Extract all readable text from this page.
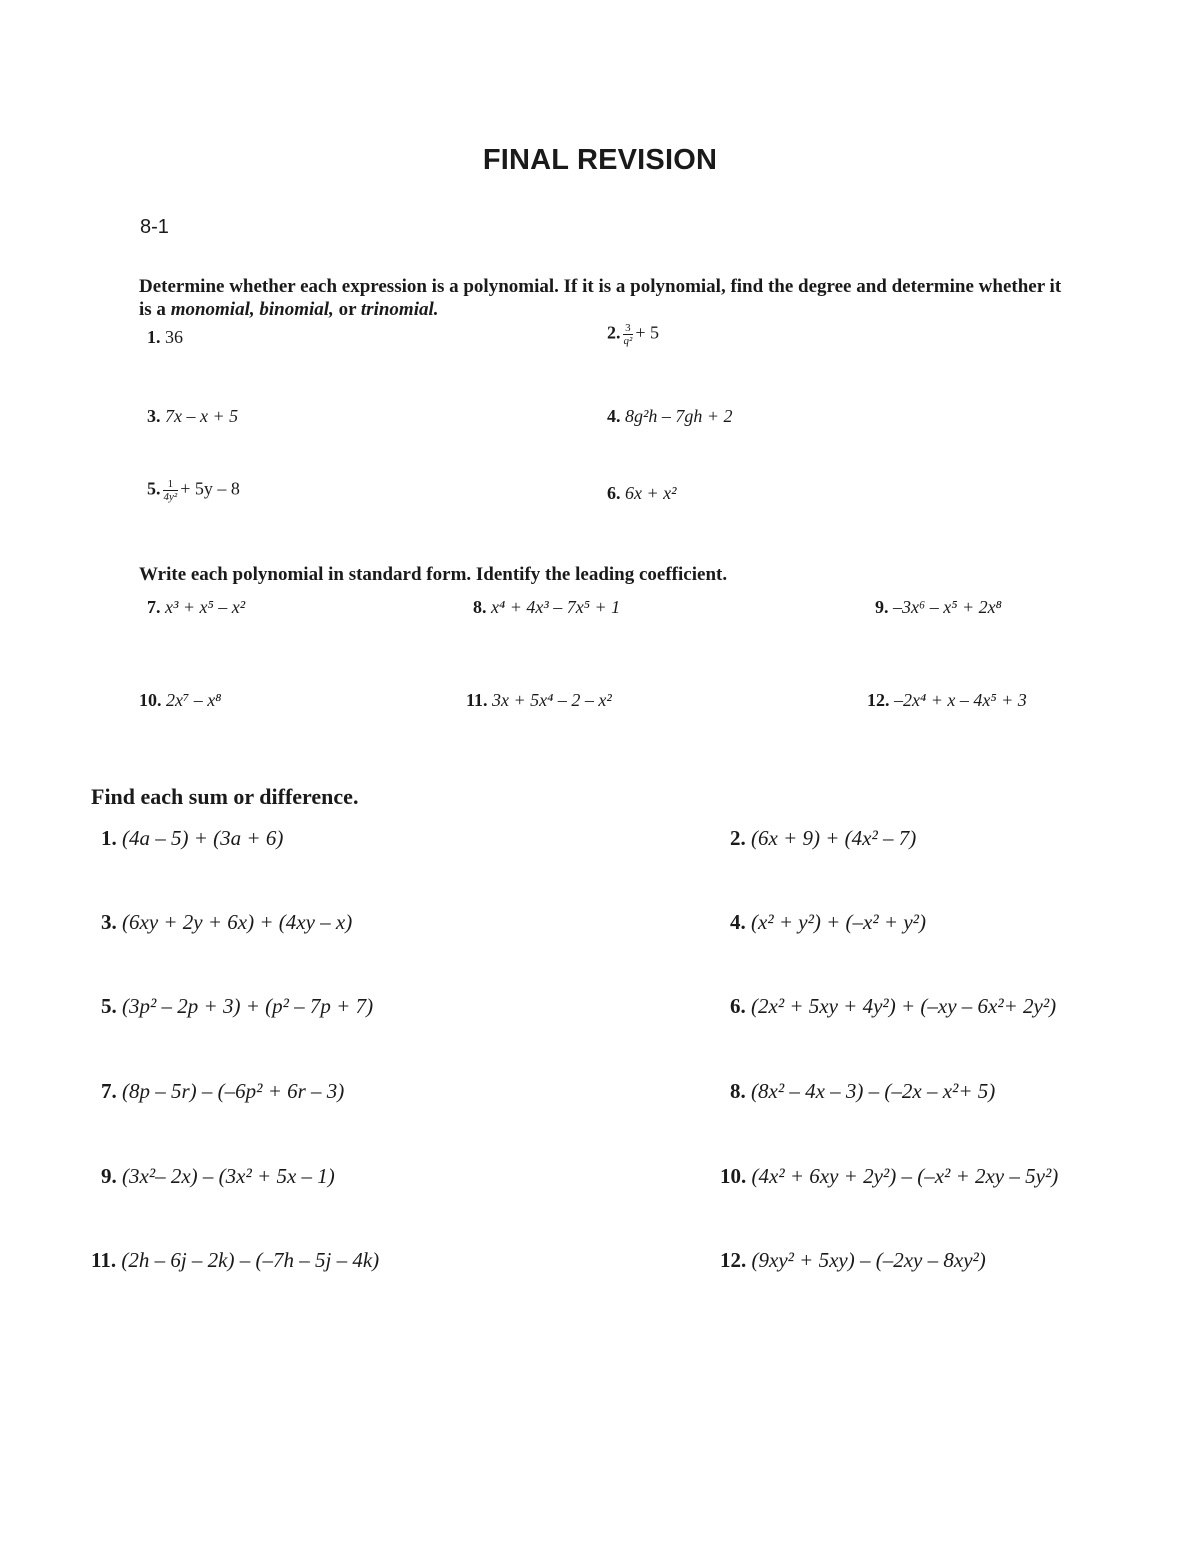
FINAL REVISION
8-1
Determine whether each expression is a polynomial. If it is a polynomial, find the degree and determine whether it
is a monomial, binomial, or trinomial.
1. 36	2. $\frac{3}{\text{q²}} + 5$
3. 7x – x + 5	4. 8g²h – 7gh + 2
5. $\frac{1}{\text{4y²}} + 5y - 8$	6. 6x + x²
Write each polynomial in standard form. Identify the leading coefficient.
7. x³ + x⁵ – x²	8. x⁴ + 4x³ – 7x⁵ + 1	9. –3x⁶ – x⁵ + 2x⁸
10. 2x⁷ – x⁸	11. 3x + 5x⁴ – 2 – x²	12. –2x⁴ + x – 4x⁵ + 3
Find each sum or difference.
1. (4a – 5) + (3a + 6)	2. (6x + 9) + (4x² – 7)
3. (6xy + 2y + 6x) + (4xy – x)	4. (x² + y²) + (–x² + y²)
5. (3p² – 2p + 3) + (p² – 7p + 7)	6. (2x² + 5xy + 4y²) + (–xy – 6x²+ 2y²)
7. (8p – 5r) – (–6p² + 6r – 3)	8. (8x² – 4x – 3) – (–2x – x²+ 5)
9. (3x²– 2x) – (3x² + 5x – 1)	10. (4x² + 6xy + 2y²) – (–x² + 2xy – 5y²)
11. (2h – 6j – 2k) – (–7h – 5j – 4k)	12. (9xy² + 5xy) – (–2xy – 8xy²)
